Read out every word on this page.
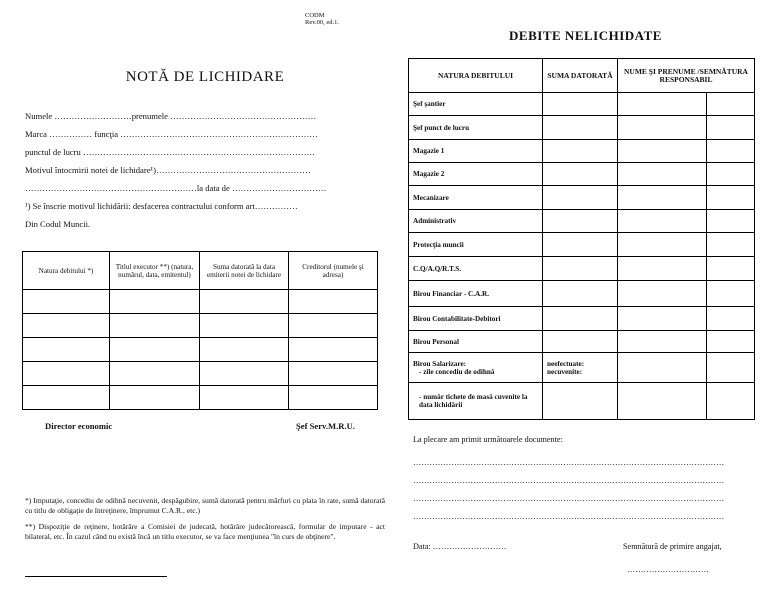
CODM
Rev.00, ed.1.
NOTĂ DE LICHIDARE
Numele ………………………prenumele ……………………………………………
Marca …………… funcţia ……………………………………………………………
punctul de lucru ………………………………………………………………………
Motivul întocmirii notei de lichidare¹)………………………………………………
……………………………………………………la data de ……………………………
¹) Se înscrie motivul lichidării: desfacerea contractului conform art……………
Din Codul Muncii.
Natura debitului *)	Titlul executor **) (natura, numărul, data, emitentul)	Suma datorată la data emiterii notei de lichidare	Creditorul (numele şi adresa)

Director economic	Şef Serv.M.R.U.
*) Imputaţie, concediu de odihnă necuvenit, despăgubire, sumă datorată pentru mărfuri cu plata în rate, sumă datorată cu titlu de obligaţie de întreţinere, împrumut C.A.R., etc.)
**) Dispoziţie de reţinere, hotărâre a Comisiei de judecată, hotărâre judecătorească, formular de imputare - act bilateral, etc. În cazul când nu există încă un titlu executor, se va face menţiunea "în curs de obţinere".
DEBITE NELICHIDATE
NATURA DEBITULUI	SUMA DATORATĂ	NUME ŞI PRENUME /SEMNĂTURA RESPONSABIL	
Şef şantier			
Şef punct de lucru			
Magazie 1			
Magazie 2			
Mecanizare			
Administrativ			
Protecţia muncii			
C.Q/A.Q/R.T.S.			
Birou Financiar - C.A.R.			
Birou Contabilitate-Debitori			
Birou Personal			

Birou Salarizare:
- zile concediu de odihnă	neefectuate: necuvenite:		
- număr tichete de masă cuvenite la data lichidării			
La plecare am primit următoarele documente:
……………………………………………………………………………………………………
……………………………………………………………………………………………………
……………………………………………………………………………………………………
……………………………………………………………………………………………………
Data: ………………………	Semnătură de primire angajat,
…………………………
